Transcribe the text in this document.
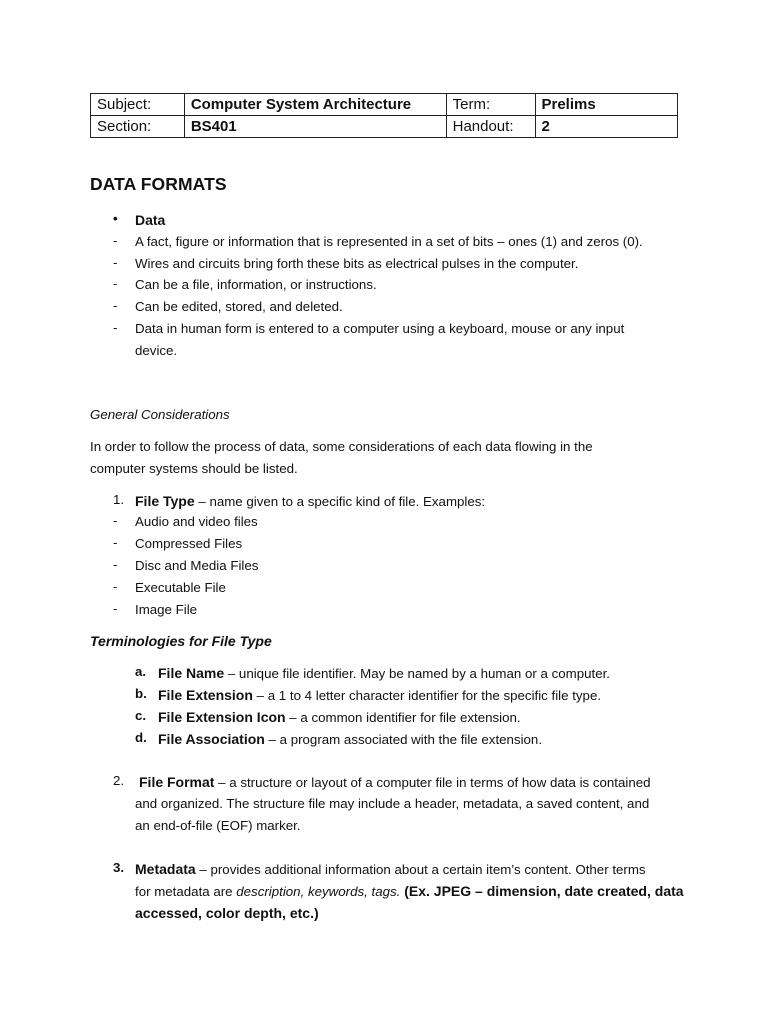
Subject:	Computer System Architecture	Term:	Prelims
Section:	BS401	Handout:	2
DATA FORMATS
• Data
- A fact, figure or information that is represented in a set of bits – ones (1) and zeros (0).
- Wires and circuits bring forth these bits as electrical pulses in the computer.
- Can be a file, information, or instructions.
- Can be edited, stored, and deleted.
- Data in human form is entered to a computer using a keyboard, mouse or any input
device.
General Considerations
In order to follow the process of data, some considerations of each data flowing in the
computer systems should be listed.
1. File Type – name given to a specific kind of file. Examples:
- Audio and video files
- Compressed Files
- Disc and Media Files
- Executable File
- Image File
Terminologies for File Type
a. File Name – unique file identifier. May be named by a human or a computer.
b. File Extension – a 1 to 4 letter character identifier for the specific file type.
c. File Extension Icon – a common identifier for file extension.
d. File Association – a program associated with the file extension.
2. File Format – a structure or layout of a computer file in terms of how data is contained
and organized. The structure file may include a header, metadata, a saved content, and
an end-of-file (EOF) marker.
3. Metadata – provides additional information about a certain item’s content. Other terms
for metadata are description, keywords, tags. (Ex. JPEG – dimension, date created, data
accessed, color depth, etc.)
